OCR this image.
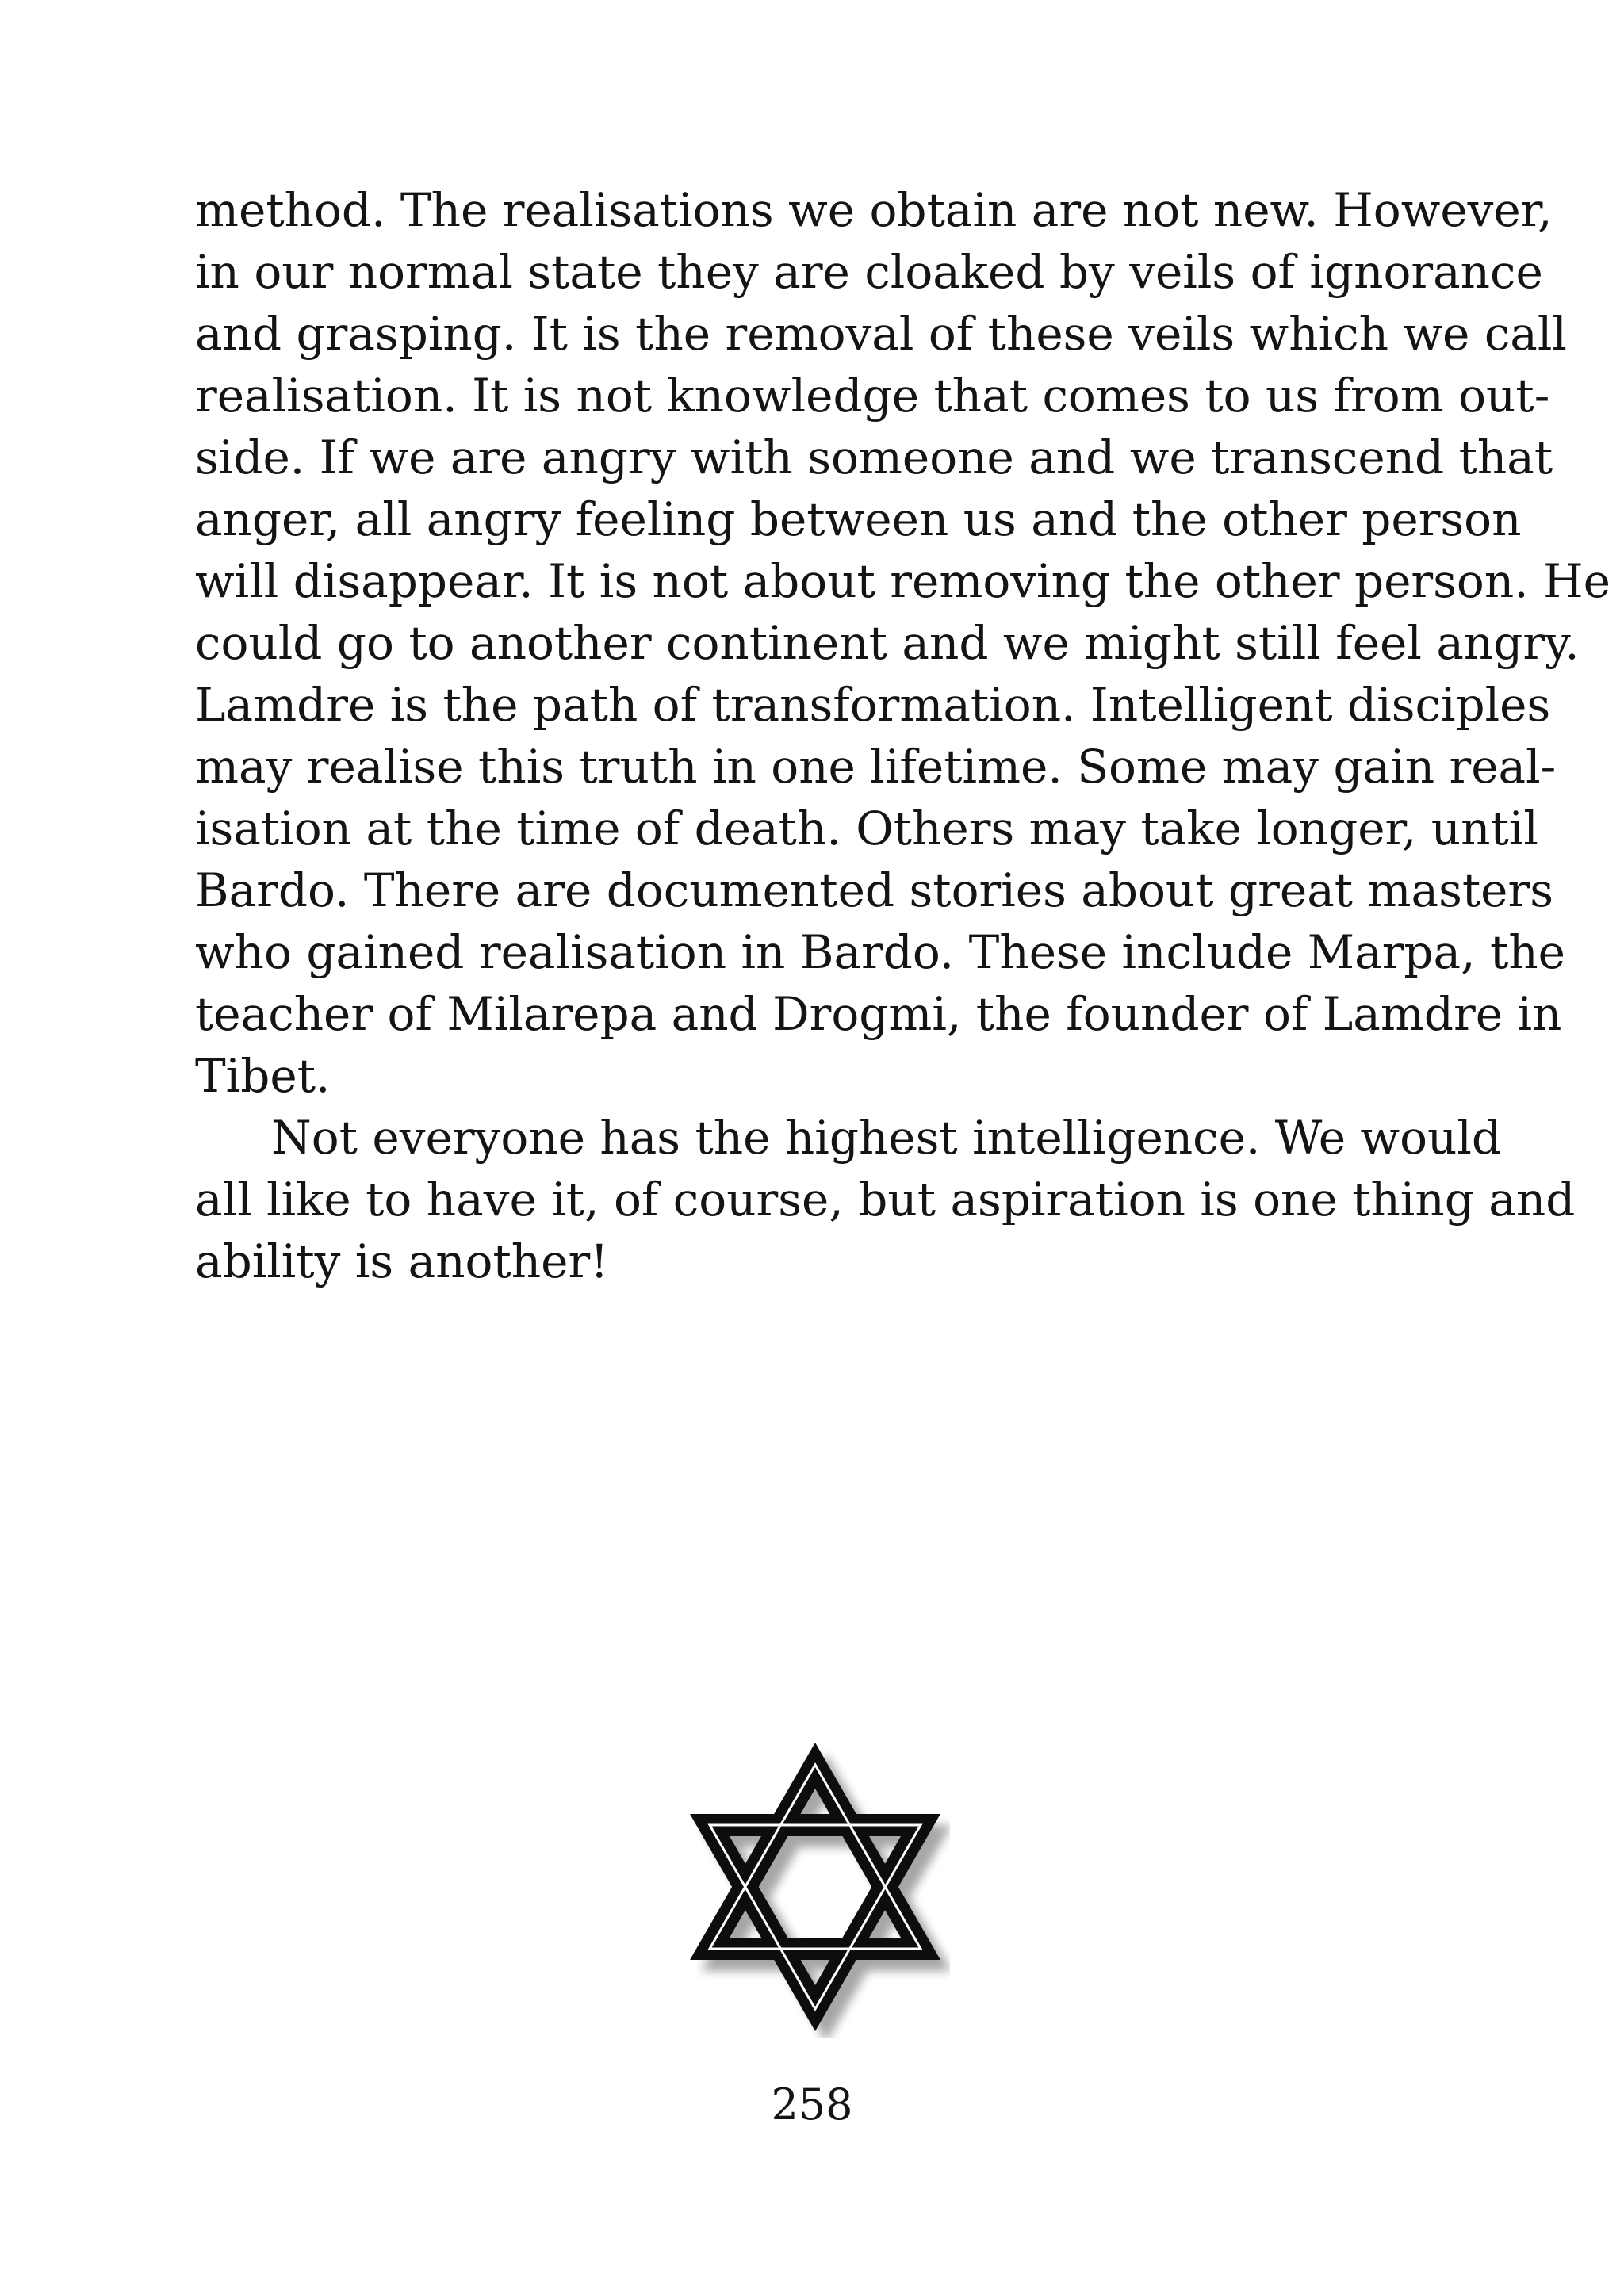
method. The realisations we obtain are not new. However,
in our normal state they are cloaked by veils of ignorance
and grasping. It is the removal of these veils which we call
realisation. It is not knowledge that comes to us from out-
side. If we are angry with someone and we transcend that
anger, all angry feeling between us and the other person
will disappear. It is not about removing the other person. He
could go to another continent and we might still feel angry.
Lamdre is the path of transformation. Intelligent disciples
may realise this truth in one lifetime. Some may gain real-
isation at the time of death. Others may take longer, until
Bardo. There are documented stories about great masters
who gained realisation in Bardo. These include Marpa, the
teacher of Milarepa and Drogmi, the founder of Lamdre in
Tibet.
Not everyone has the highest intelligence. We would
all like to have it, of course, but aspiration is one thing and
ability is another!
258
